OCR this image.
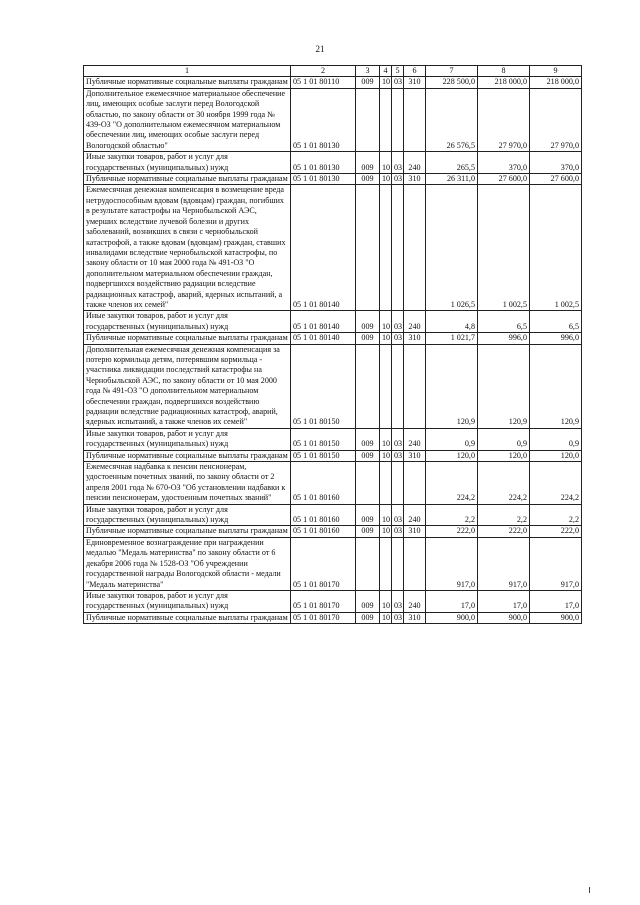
21
1	2	3	4	5	6	7	8	9
Публичные нормативные социальные выплаты гражданам	05 1 01 80110	009	10	03	310	228 500,0	218 000,0	218 000,0
Дополнительное ежемесячное материальное обеспечение лиц, имеющих особые заслуги перед Вологодской областью, по закону области от 30 ноября 1999 года № 439-ОЗ "О дополнительном ежемесячном материальном обеспечении лиц, имеющих особые заслуги перед Вологодской областью"	05 1 01 80130					26 576,5	27 970,0	27 970,0
Иные закупки товаров, работ и услуг для государственных (муниципальных) нужд	05 1 01 80130	009	10	03	240	265,5	370,0	370,0
Публичные нормативные социальные выплаты гражданам	05 1 01 80130	009	10	03	310	26 311,0	27 600,0	27 600,0
Ежемесячная денежная компенсация в возмещение вреда нетрудоспособным вдовам (вдовцам) граждан, погибших в результате катастрофы на Чернобыльской АЭС, умерших вследствие лучевой болезни и других заболеваний, возникших в связи с чернобыльской катастрофой, а также вдовам (вдовцам) граждан, ставших инвалидами вследствие чернобыльской катастрофы, по закону области от 10 мая 2000 года № 491-ОЗ "О дополнительном материальном обеспечении граждан, подвергшихся воздействию радиации вследствие радиационных катастроф, аварий, ядерных испытаний, а также членов их семей"	05 1 01 80140					1 026,5	1 002,5	1 002,5
Иные закупки товаров, работ и услуг для государственных (муниципальных) нужд	05 1 01 80140	009	10	03	240	4,8	6,5	6,5
Публичные нормативные социальные выплаты гражданам	05 1 01 80140	009	10	03	310	1 021,7	996,0	996,0
Дополнительная ежемесячная денежная компенсация за потерю кормильца детям, потерявшим кормильца - участника ликвидации последствий катастрофы на Чернобыльской АЭС, по закону области от 10 мая 2000 года № 491-ОЗ "О дополнительном материальном обеспечении граждан, подвергшихся воздействию радиации вследствие радиационных катастроф, аварий, ядерных испытаний, а также членов их семей"	05 1 01 80150					120,9	120,9	120,9
Иные закупки товаров, работ и услуг для государственных (муниципальных) нужд	05 1 01 80150	009	10	03	240	0,9	0,9	0,9
Публичные нормативные социальные выплаты гражданам	05 1 01 80150	009	10	03	310	120,0	120,0	120,0
Ежемесячная надбавка к пенсии пенсионерам, удостоенным почетных званий, по закону области от 2 апреля 2001 года № 670-ОЗ "Об установлении надбавки к пенсии пенсионерам, удостоенным почетных званий"	05 1 01 80160					224,2	224,2	224,2
Иные закупки товаров, работ и услуг для государственных (муниципальных) нужд	05 1 01 80160	009	10	03	240	2,2	2,2	2,2
Публичные нормативные социальные выплаты гражданам	05 1 01 80160	009	10	03	310	222,0	222,0	222,0
Единовременное вознаграждение при награждении медалью "Медаль материнства" по закону области от 6 декабря 2006 года № 1528-ОЗ "Об учреждении государственной награды Вологодской области - медали "Медаль материнства"	05 1 01 80170					917,0	917,0	917,0
Иные закупки товаров, работ и услуг для государственных (муниципальных) нужд	05 1 01 80170	009	10	03	240	17,0	17,0	17,0
Публичные нормативные социальные выплаты гражданам	05 1 01 80170	009	10	03	310	900,0	900,0	900,0
